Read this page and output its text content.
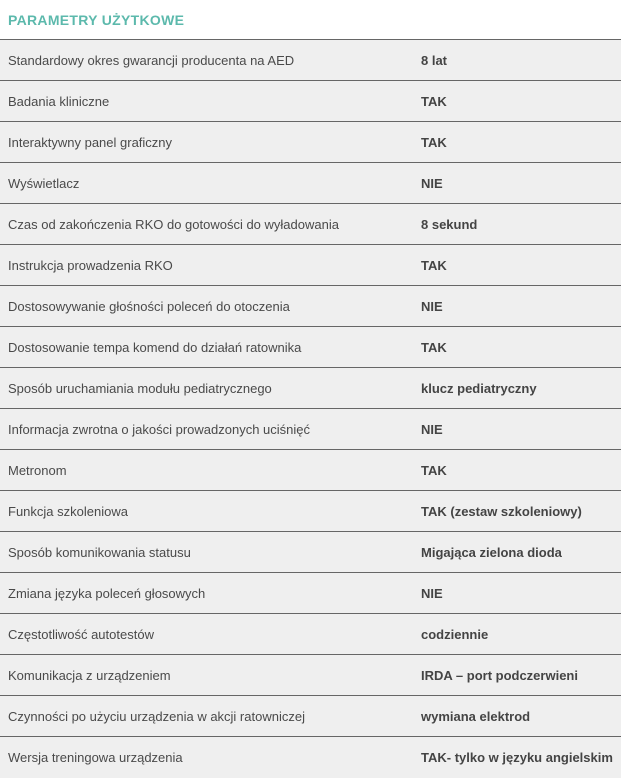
PARAMETRY UŻYTKOWE
Standardowy okres gwarancji producenta na AED	8 lat
Badania kliniczne	TAK
Interaktywny panel graficzny	TAK
Wyświetlacz	NIE
Czas od zakończenia RKO do gotowości do wyładowania	8 sekund
Instrukcja prowadzenia RKO	TAK
Dostosowywanie głośności poleceń do otoczenia	NIE
Dostosowanie tempa komend do działań ratownika	TAK
Sposób uruchamiania modułu pediatrycznego	klucz pediatryczny
Informacja zwrotna o jakości prowadzonych uciśnięć	NIE
Metronom	TAK
Funkcja szkoleniowa	TAK (zestaw szkoleniowy)
Sposób komunikowania statusu	Migająca zielona dioda
Zmiana języka poleceń głosowych	NIE
Częstotliwość autotestów	codziennie
Komunikacja z urządzeniem	IRDA – port podczerwieni
Czynności po użyciu urządzenia w akcji ratowniczej	wymiana elektrod
Wersja treningowa urządzenia	TAK- tylko w języku angielskim
